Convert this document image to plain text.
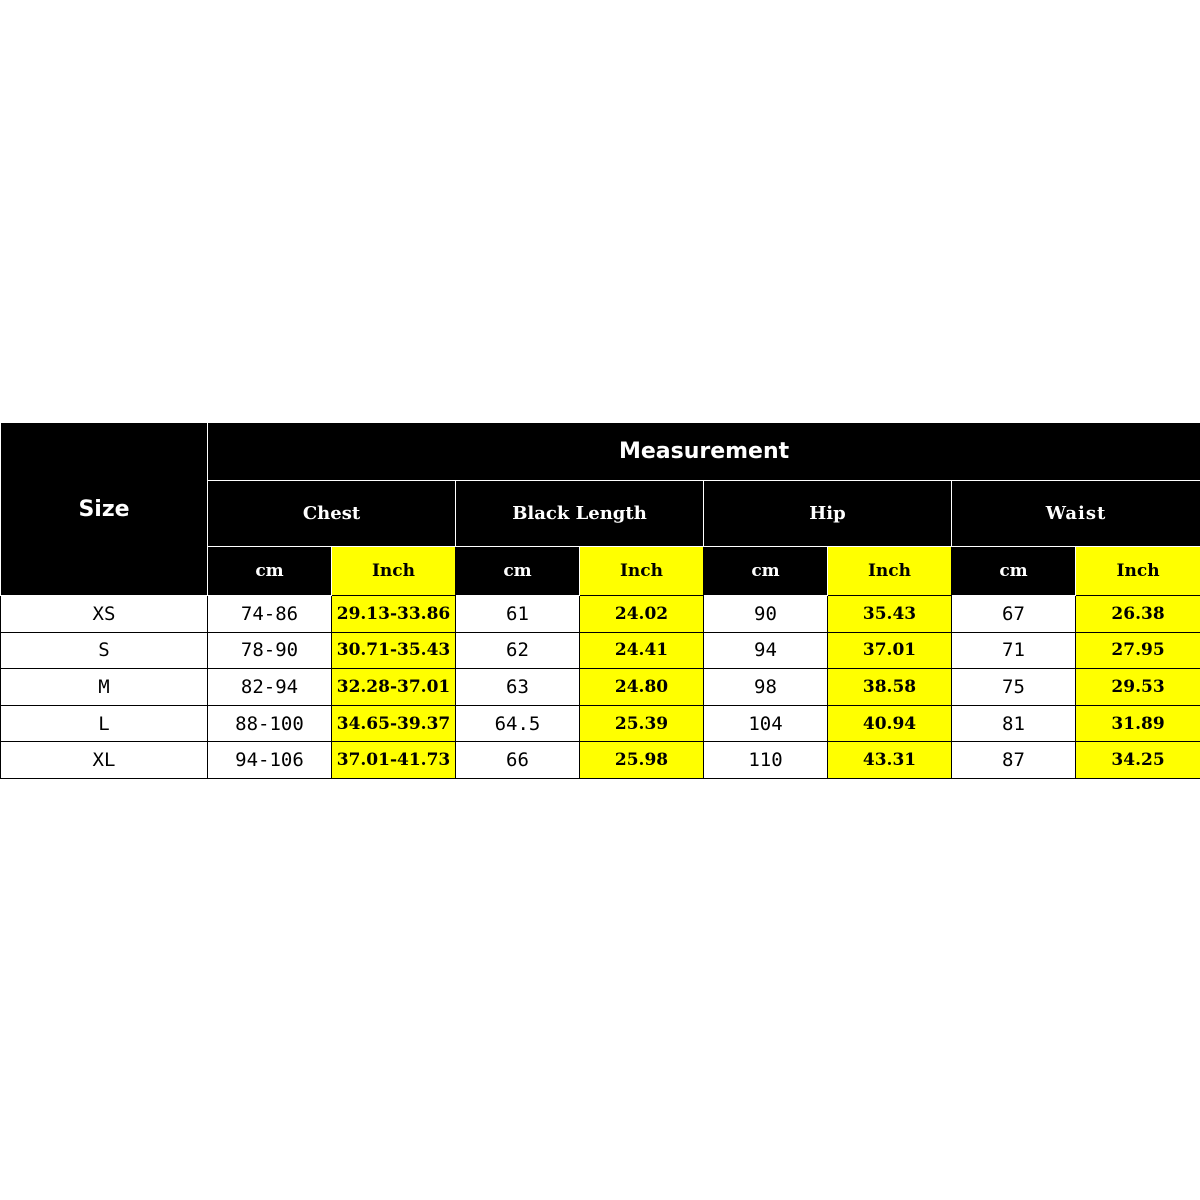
Size	Measurement							
	Chest		Black Length		Hip		Waist	
	cm	Inch	cm	Inch	cm	Inch	cm	Inch
XS	74-86	29.13-33.86	61	24.02	90	35.43	67	26.38
S	78-90	30.71-35.43	62	24.41	94	37.01	71	27.95
M	82-94	32.28-37.01	63	24.80	98	38.58	75	29.53
L	88-100	34.65-39.37	64.5	25.39	104	40.94	81	31.89
XL	94-106	37.01-41.73	66	25.98	110	43.31	87	34.25
